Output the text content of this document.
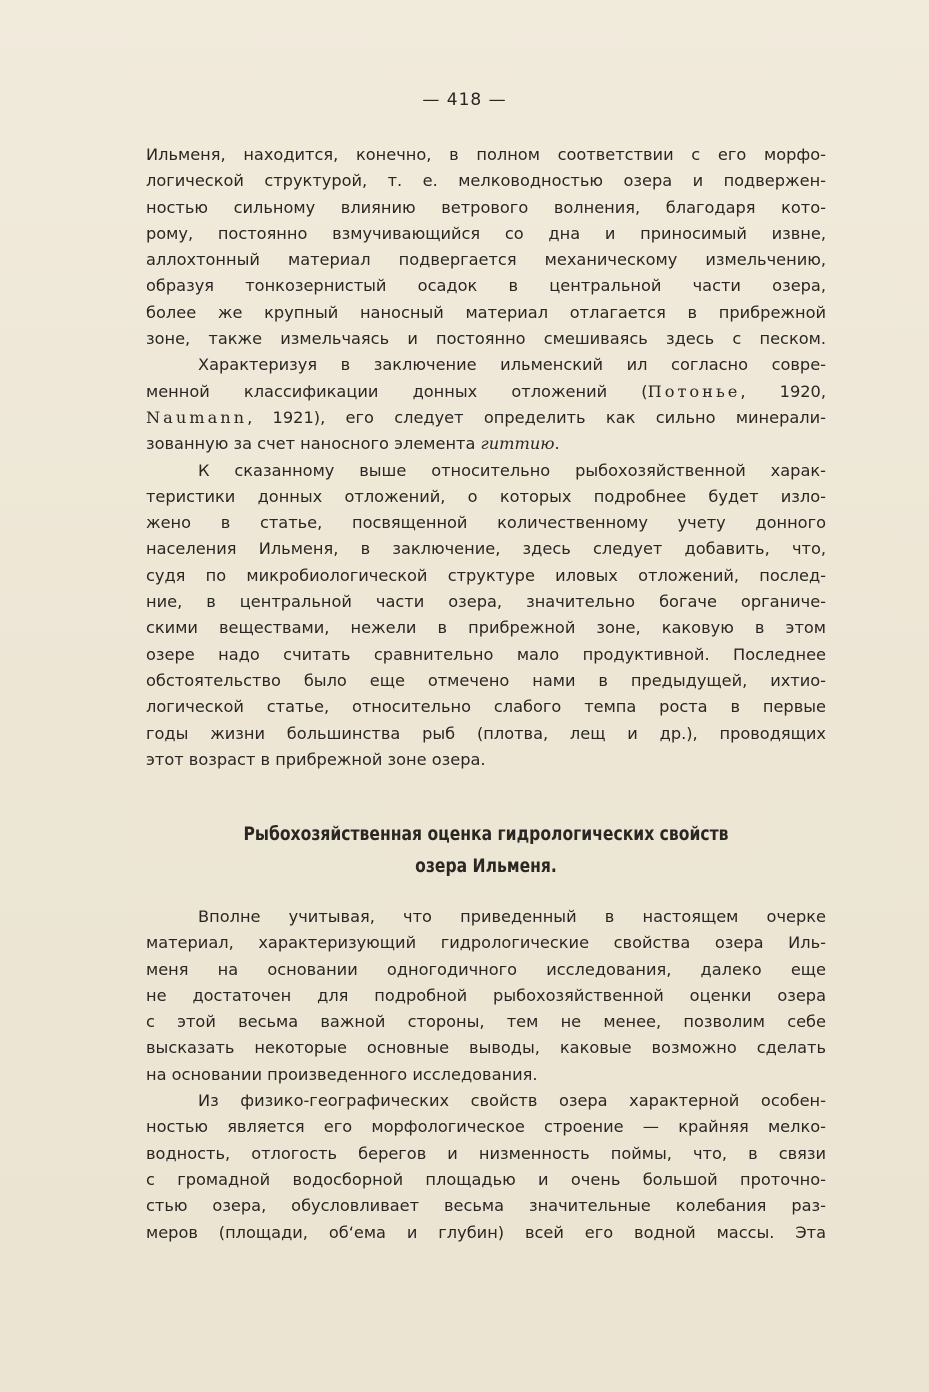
— 418 —
Ильменя, находится, конечно, в полном соответствии с его морфо-
логической структурой, т. е. мелководностью озера и подвержен-
ностью сильному влиянию ветрового волнения, благодаря кото-
рому, постоянно взмучивающийся со дна и приносимый извне,
аллохтонный материал подвергается механическому измельчению,
образуя тонкозернистый осадок в центральной части озера,
более же крупный наносный материал отлагается в прибрежной
зоне, также измельчаясь и постоянно смешиваясь здесь с песком.
Характеризуя в заключение ильменский ил согласно совре-
менной классификации донных отложений (Потонье, 1920,
Naumann, 1921), его следует определить как сильно минерали-
зованную за счет наносного элемента гиттию.
К сказанному выше относительно рыбохозяйственной харак-
теристики донных отложений, о которых подробнее будет изло-
жено в статье, посвященной количественному учету донного
населения Ильменя, в заключение, здесь следует добавить, что,
судя по микробиологической структуре иловых отложений, послед-
ние, в центральной части озера, значительно богаче органиче-
скими веществами, нежели в прибрежной зоне, каковую в этом
озере надо считать сравнительно мало продуктивной. Последнее
обстоятельство было еще отмечено нами в предыдущей, ихтио-
логической статье, относительно слабого темпа роста в первые
годы жизни большинства рыб (плотва, лещ и др.), проводящих
этот возраст в прибрежной зоне озера.
Рыбохозяйственная оценка гидрологических свойств
озера Ильменя.
Вполне учитывая, что приведенный в настоящем очерке
материал, характеризующий гидрологические свойства озера Иль-
меня на основании одногодичного исследования, далеко еще
не достаточен для подробной рыбохозяйственной оценки озера
с этой весьма важной стороны, тем не менее, позволим себе
высказать некоторые основные выводы, каковые возможно сделать
на основании произведенного исследования.
Из физико-географических свойств озера характерной особен-
ностью является его морфологическое строение — крайняя мелко-
водность, отлогость берегов и низменность поймы, что, в связи
с громадной водосборной площадью и очень большой проточно-
стью озера, обусловливает весьма значительные колебания раз-
меров (площади, об‘ема и глубин) всей его водной массы. Эта
